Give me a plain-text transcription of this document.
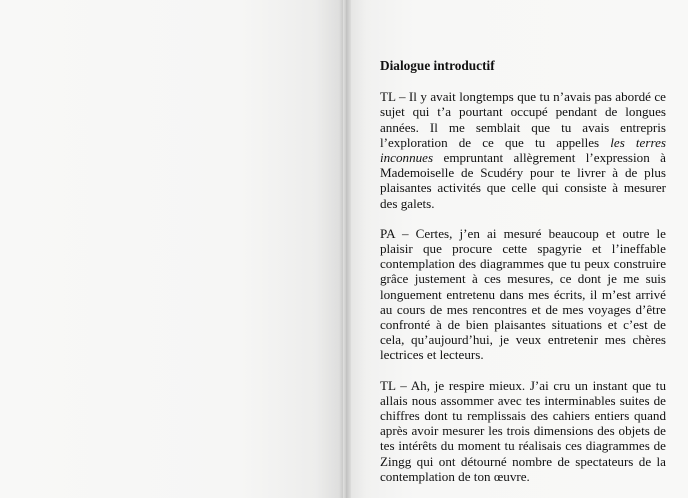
Dialogue introductif

TL – Il y avait longtemps que tu n’avais pas abordé ce sujet qui t’a pourtant occupé pendant de longues années. Il me semblait que tu avais entrepris l’exploration de ce que tu appelles les terres inconnues empruntant allègrement l’expression à Mademoiselle de Scudéry pour te livrer à de plus plaisantes activités que celle qui consiste à mesurer des galets.

PA – Certes, j’en ai mesuré beaucoup et outre le plaisir que procure cette spagyrie et l’ineffable contemplation des diagrammes que tu peux construire grâce justement à ces mesures, ce dont je me suis longuement entretenu dans mes écrits, il m’est arrivé au cours de mes rencontres et de mes voyages d’être confronté à de bien plaisantes situations et c’est de cela, qu’aujourd’hui, je veux entretenir mes chères lectrices et lecteurs.

TL – Ah, je respire mieux. J’ai cru un instant que tu allais nous assommer avec tes interminables suites de chiffres dont tu remplissais des cahiers entiers quand après avoir mesurer les trois dimensions des objets de tes intérêts du moment tu réalisais ces diagrammes de Zingg qui ont détourné nombre de spectateurs de la contemplation de ton œuvre.
